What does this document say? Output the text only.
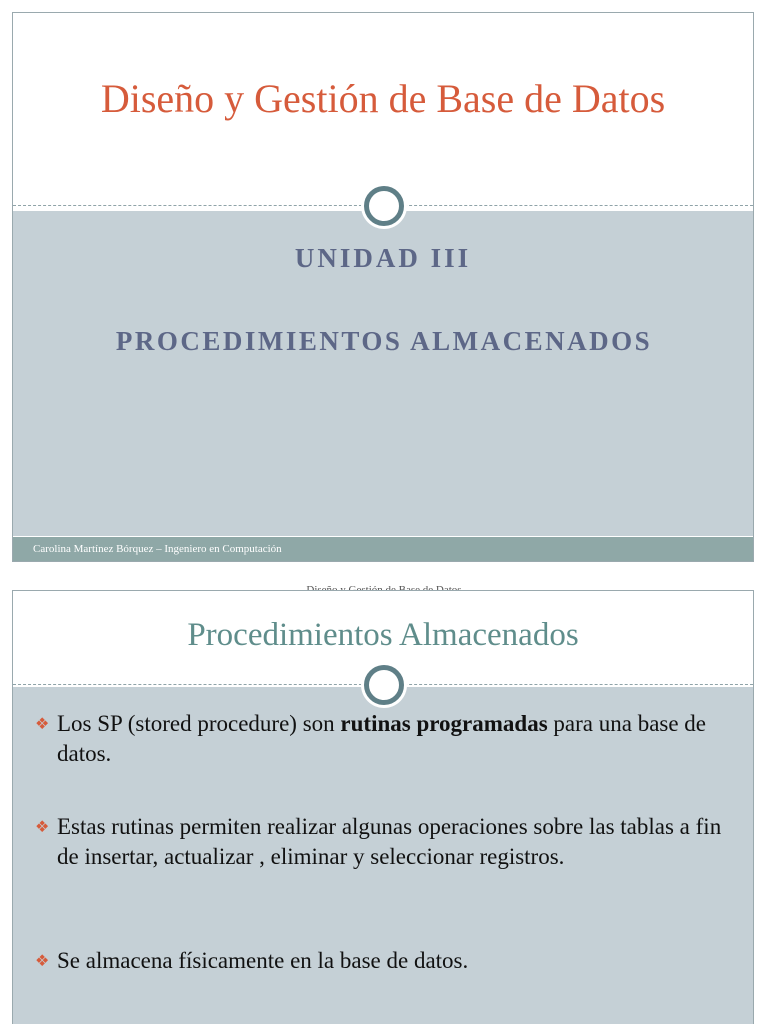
Diseño y Gestión de Base de Datos
UNIDAD III
PROCEDIMIENTOS ALMACENADOS
Carolina Martínez Bórquez – Ingeniero en Computación
Procedimientos Almacenados
❖ Los SP (stored procedure) son rutinas programadas para una base de datos.
❖ Estas rutinas permiten realizar algunas operaciones sobre las tablas a fin de insertar, actualizar , eliminar y seleccionar registros.
❖ Se almacena físicamente en la base de datos.
